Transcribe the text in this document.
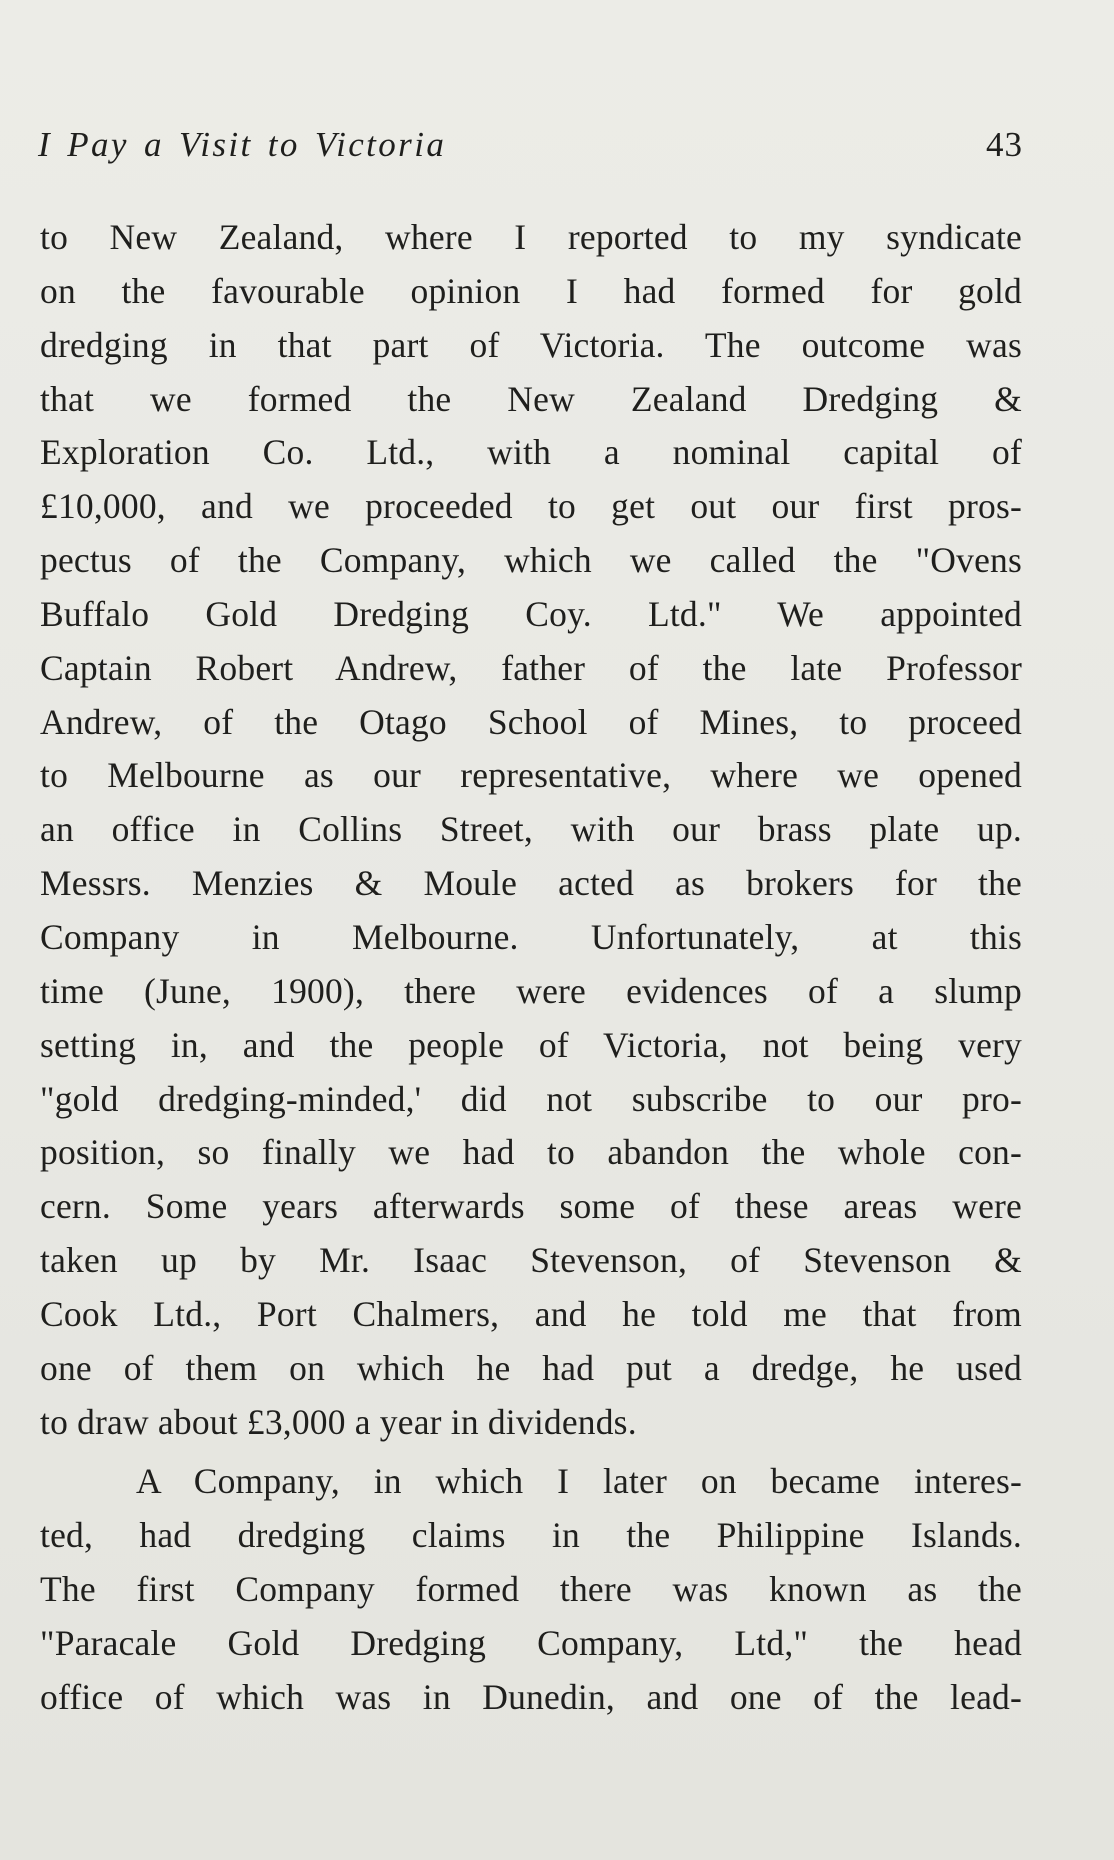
I Pay a Visit to Victoria	43
to New Zealand, where I reported to my syndicate
on the favourable opinion I had formed for gold
dredging in that part of Victoria. The outcome was
that we formed the New Zealand Dredging &
Exploration Co. Ltd., with a nominal capital of
£10,000, and we proceeded to get out our first pros-
pectus of the Company, which we called the "Ovens
Buffalo Gold Dredging Coy. Ltd." We appointed
Captain Robert Andrew, father of the late Professor
Andrew, of the Otago School of Mines, to proceed
to Melbourne as our representative, where we opened
an office in Collins Street, with our brass plate up.
Messrs. Menzies & Moule acted as brokers for the
Company in Melbourne. Unfortunately, at this
time (June, 1900), there were evidences of a slump
setting in, and the people of Victoria, not being very
"gold dredging-minded,' did not subscribe to our pro-
position, so finally we had to abandon the whole con-
cern. Some years afterwards some of these areas were
taken up by Mr. Isaac Stevenson, of Stevenson &
Cook Ltd., Port Chalmers, and he told me that from
one of them on which he had put a dredge, he used
to draw about £3,000 a year in dividends.
A Company, in which I later on became interes-
ted, had dredging claims in the Philippine Islands.
The first Company formed there was known as the
"Paracale Gold Dredging Company, Ltd," the head
office of which was in Dunedin, and one of the lead-
